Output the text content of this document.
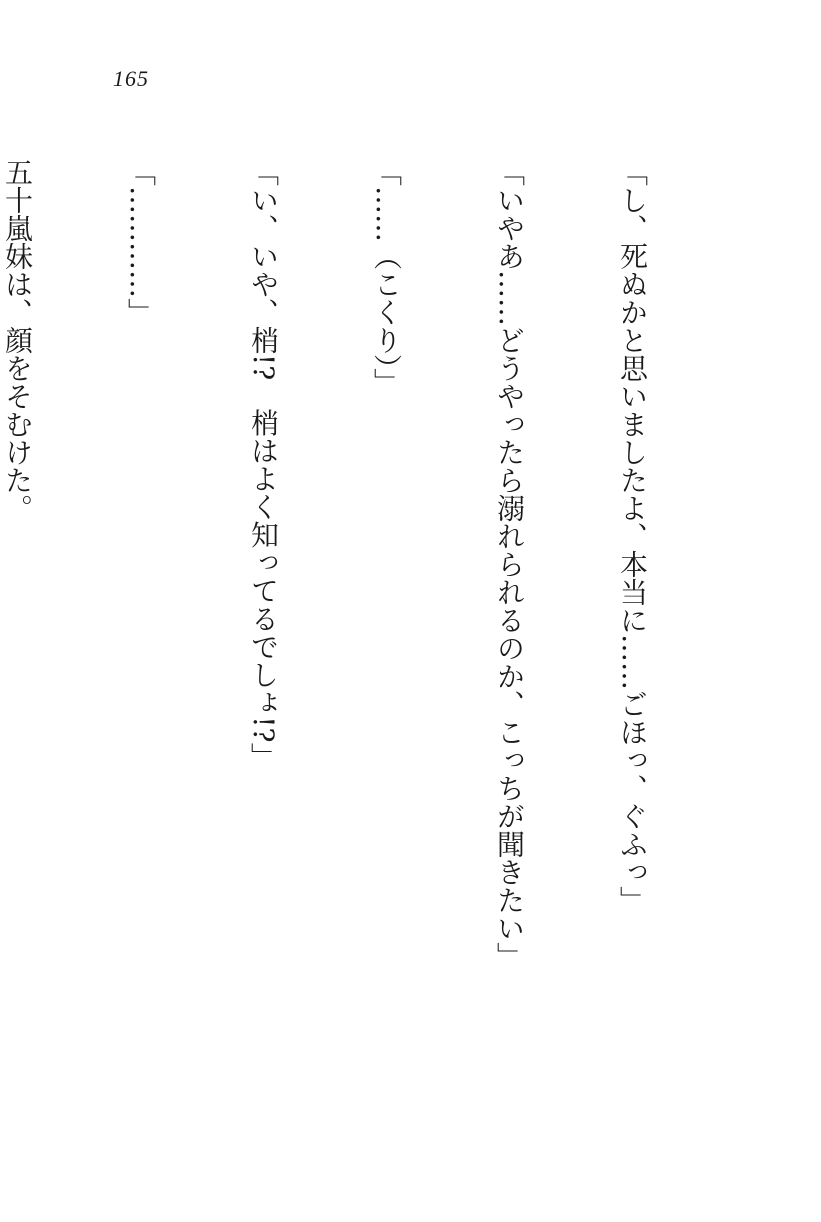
165

「し、死ぬかと思いましたよ、本当に……ごほっ、ぐふっ」

「いやあ……どうやったら溺れられるのか、こっちが聞きたい」

「……（こくり）」

「い、いや、梢!?　梢はよく知ってるでしょ!?」

「…………」

五十嵐妹は、顔をそむけた。
